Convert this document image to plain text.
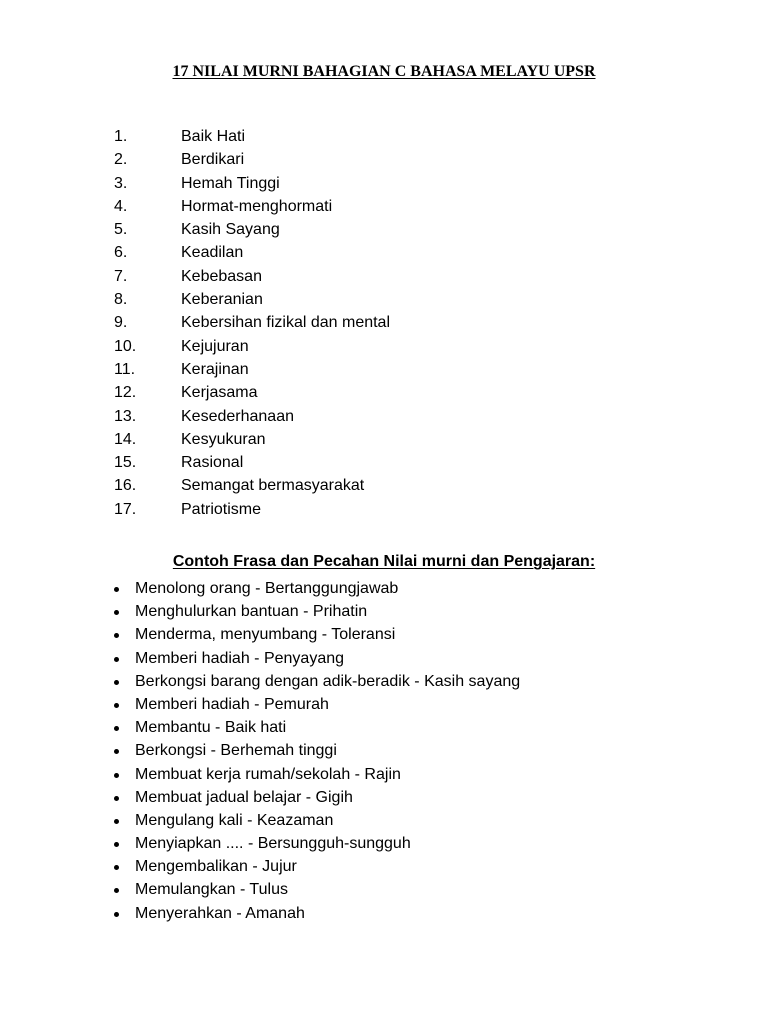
17 NILAI MURNI BAHAGIAN C BAHASA MELAYU UPSR
1.	Baik Hati
2.	Berdikari
3.	Hemah Tinggi
4.	Hormat-menghormati
5.	Kasih Sayang
6.	Keadilan
7.	Kebebasan
8.	Keberanian
9.	Kebersihan fizikal dan mental
10.	Kejujuran
11.	Kerajinan
12.	Kerjasama
13.	Kesederhanaan
14.	Kesyukuran
15.	Rasional
16.	Semangat bermasyarakat
17.	Patriotisme
Contoh Frasa dan Pecahan Nilai murni dan Pengajaran:
Menolong orang - Bertanggungjawab
Menghulurkan bantuan - Prihatin
Menderma, menyumbang - Toleransi
Memberi hadiah - Penyayang
Berkongsi barang dengan adik-beradik - Kasih sayang
Memberi hadiah - Pemurah
Membantu - Baik hati
Berkongsi - Berhemah tinggi
Membuat kerja rumah/sekolah - Rajin
Membuat jadual belajar - Gigih
Mengulang kali - Keazaman
Menyiapkan .... - Bersungguh-sungguh
Mengembalikan - Jujur
Memulangkan - Tulus
Menyerahkan - Amanah
